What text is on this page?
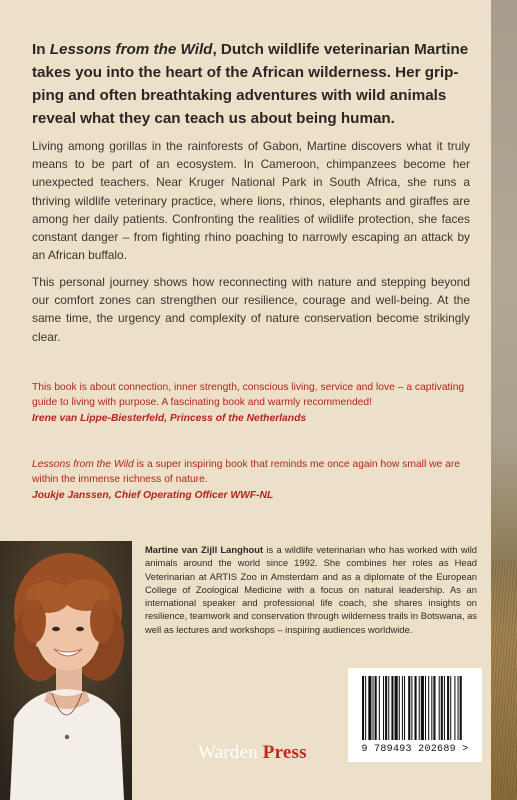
In Lessons from the Wild, Dutch wildlife veterinarian Martine takes you into the heart of the African wilderness. Her grip-ping and often breathtaking adventures with wild animals reveal what they can teach us about being human.

Living among gorillas in the rainforests of Gabon, Martine discovers what it truly means to be part of an ecosystem. In Cameroon, chimpanzees become her unexpected teachers. Near Kruger National Park in South Africa, she runs a thriving wildlife veterinary practice, where lions, rhinos, elephants and giraffes are among her daily patients. Confronting the realities of wildlife protection, she faces constant danger – from fighting rhino poaching to narrowly escaping an attack by an African buffalo.

This personal journey shows how reconnecting with nature and stepping beyond our comfort zones can strengthen our resilience, courage and well-being. At the same time, the urgency and complexity of nature conservation become strikingly clear.

This book is about connection, inner strength, conscious living, service and love – a captivating guide to living with purpose. A fascinating book and warmly recommended!
Irene van Lippe-Biesterfeld, Princess of the Netherlands

Lessons from the Wild is a super inspiring book that reminds me once again how small we are within the immense richness of nature.
Joukje Janssen, Chief Operating Officer WWF-NL

Martine van Zijll Langhout is a wildlife veterinarian who has worked with wild animals around the world since 1992. She combines her roles as Head Veterinarian at ARTIS Zoo in Amsterdam and as a diplomate of the European College of Zoological Medicine with a focus on natural leadership. As an international speaker and professional life coach, she shares insights on resilience, teamwork and conservation through wilderness trails in Botswana, as well as lectures and workshops – inspiring audiences worldwide.

9 789493 202689 >
Warden Press
